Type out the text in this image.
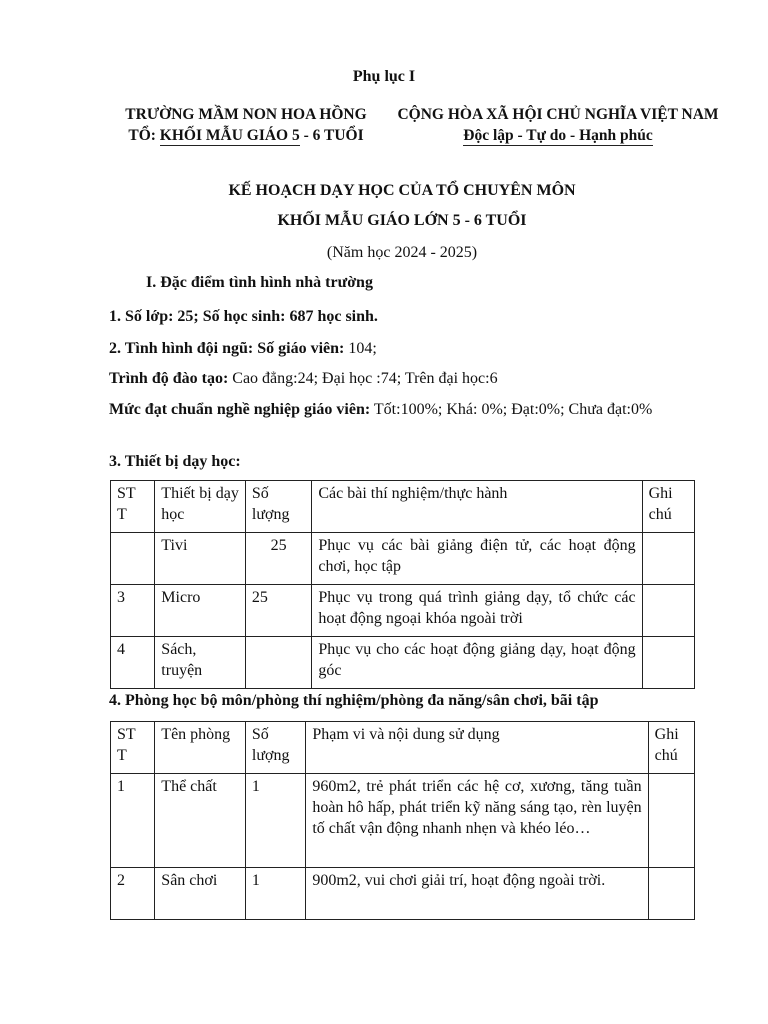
Phụ lục I
TRƯỜNG MẦM NON HOA HỒNG
TỔ: KHỐI MẪU GIÁO 5 - 6 TUỔI
CỘNG HÒA XÃ HỘI CHỦ NGHĨA VIỆT NAM
Độc lập - Tự do - Hạnh phúc
KẾ HOẠCH DẠY HỌC CỦA TỔ CHUYÊN MÔN
KHỐI MẪU GIÁO LỚN 5 - 6 TUỔI
(Năm học 2024 - 2025)
I. Đặc điểm tình hình nhà trường
1. Số lớp: 25; Số học sinh: 687 học sinh.
2. Tình hình đội ngũ: Số giáo viên: 104;
Trình độ đào tạo: Cao đẳng:24; Đại học :74; Trên đại học:6
Mức đạt chuẩn nghề nghiệp giáo viên: Tốt:100%; Khá: 0%; Đạt:0%; Chưa đạt:0%
3. Thiết bị dạy học:
ST T	Thiết bị dạy học	Số lượng	Các bài thí nghiệm/thực hành	Ghi chú
	Tivi	25	Phục vụ các bài giảng điện tử, các hoạt động chơi, học tập	
3	Micro	25	Phục vụ trong quá trình giảng dạy, tổ chức các hoạt động ngoại khóa ngoài trời	
4	Sách, truyện		Phục vụ cho các hoạt động giảng dạy, hoạt động góc	
4. Phòng học bộ môn/phòng thí nghiệm/phòng đa năng/sân chơi, bãi tập
ST T	Tên phòng	Số lượng	Phạm vi và nội dung sử dụng	Ghi chú
1	Thể chất	1	960m2, trẻ phát triển các hệ cơ, xương, tăng tuần hoàn hô hấp, phát triển kỹ năng sáng tạo, rèn luyện tố chất vận động nhanh nhẹn và khéo léo…	
2	Sân chơi	1	900m2, vui chơi giải trí, hoạt động ngoài trời.	
